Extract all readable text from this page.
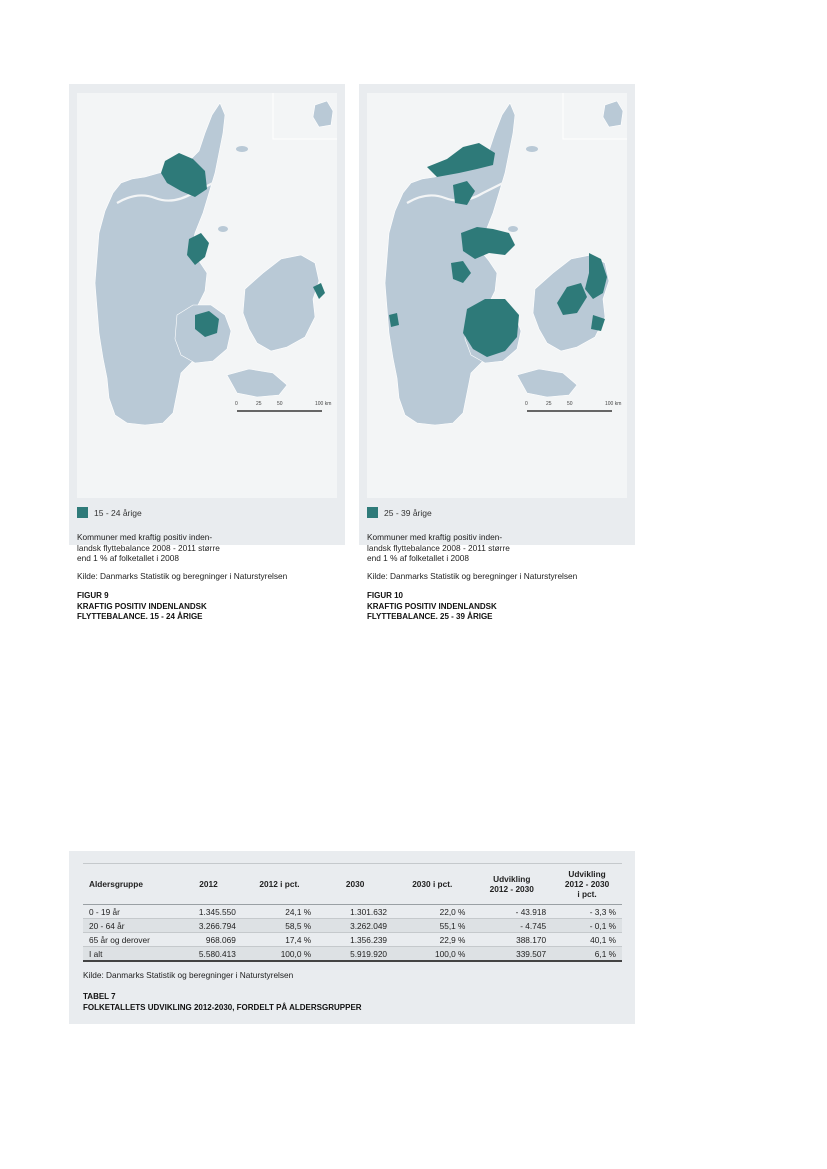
0	25	50	100 km
15 - 24 årige
Kommuner med kraftig positiv inden-
landsk flyttebalance 2008 - 2011 større
end 1 % af folketallet i 2008
Kilde: Danmarks Statistik og beregninger i Naturstyrelsen
FIGUR 9
KRAFTIG POSITIV INDENLANDSK
FLYTTEBALANCE. 15 - 24 ÅRIGE
0	25	50	100 km
25 - 39 årige
Kommuner med kraftig positiv inden-
landsk flyttebalance 2008 - 2011 større
end 1 % af folketallet i 2008
Kilde: Danmarks Statistik og beregninger i Naturstyrelsen
FIGUR 10
KRAFTIG POSITIV INDENLANDSK
FLYTTEBALANCE. 25 - 39 ÅRIGE
Aldersgruppe	2012	2012 i pct.	2030	2030 i pct.	Udvikling
2012 - 2030	Udvikling
2012 - 2030
i pct.
0 - 19 år	1.345.550	24,1 %	1.301.632	22,0 %	- 43.918	- 3,3 %
20 - 64 år	3.266.794	58,5 %	3.262.049	55,1 %	- 4.745	- 0,1 %
65 år og derover	968.069	17,4 %	1.356.239	22,9 %	388.170	40,1 %
I alt	5.580.413	100,0 %	5.919.920	100,0 %	339.507	6,1 %
Kilde: Danmarks Statistik og beregninger i Naturstyrelsen
TABEL 7
FOLKETALLETS UDVIKLING 2012-2030, FORDELT PÅ ALDERSGRUPPER
